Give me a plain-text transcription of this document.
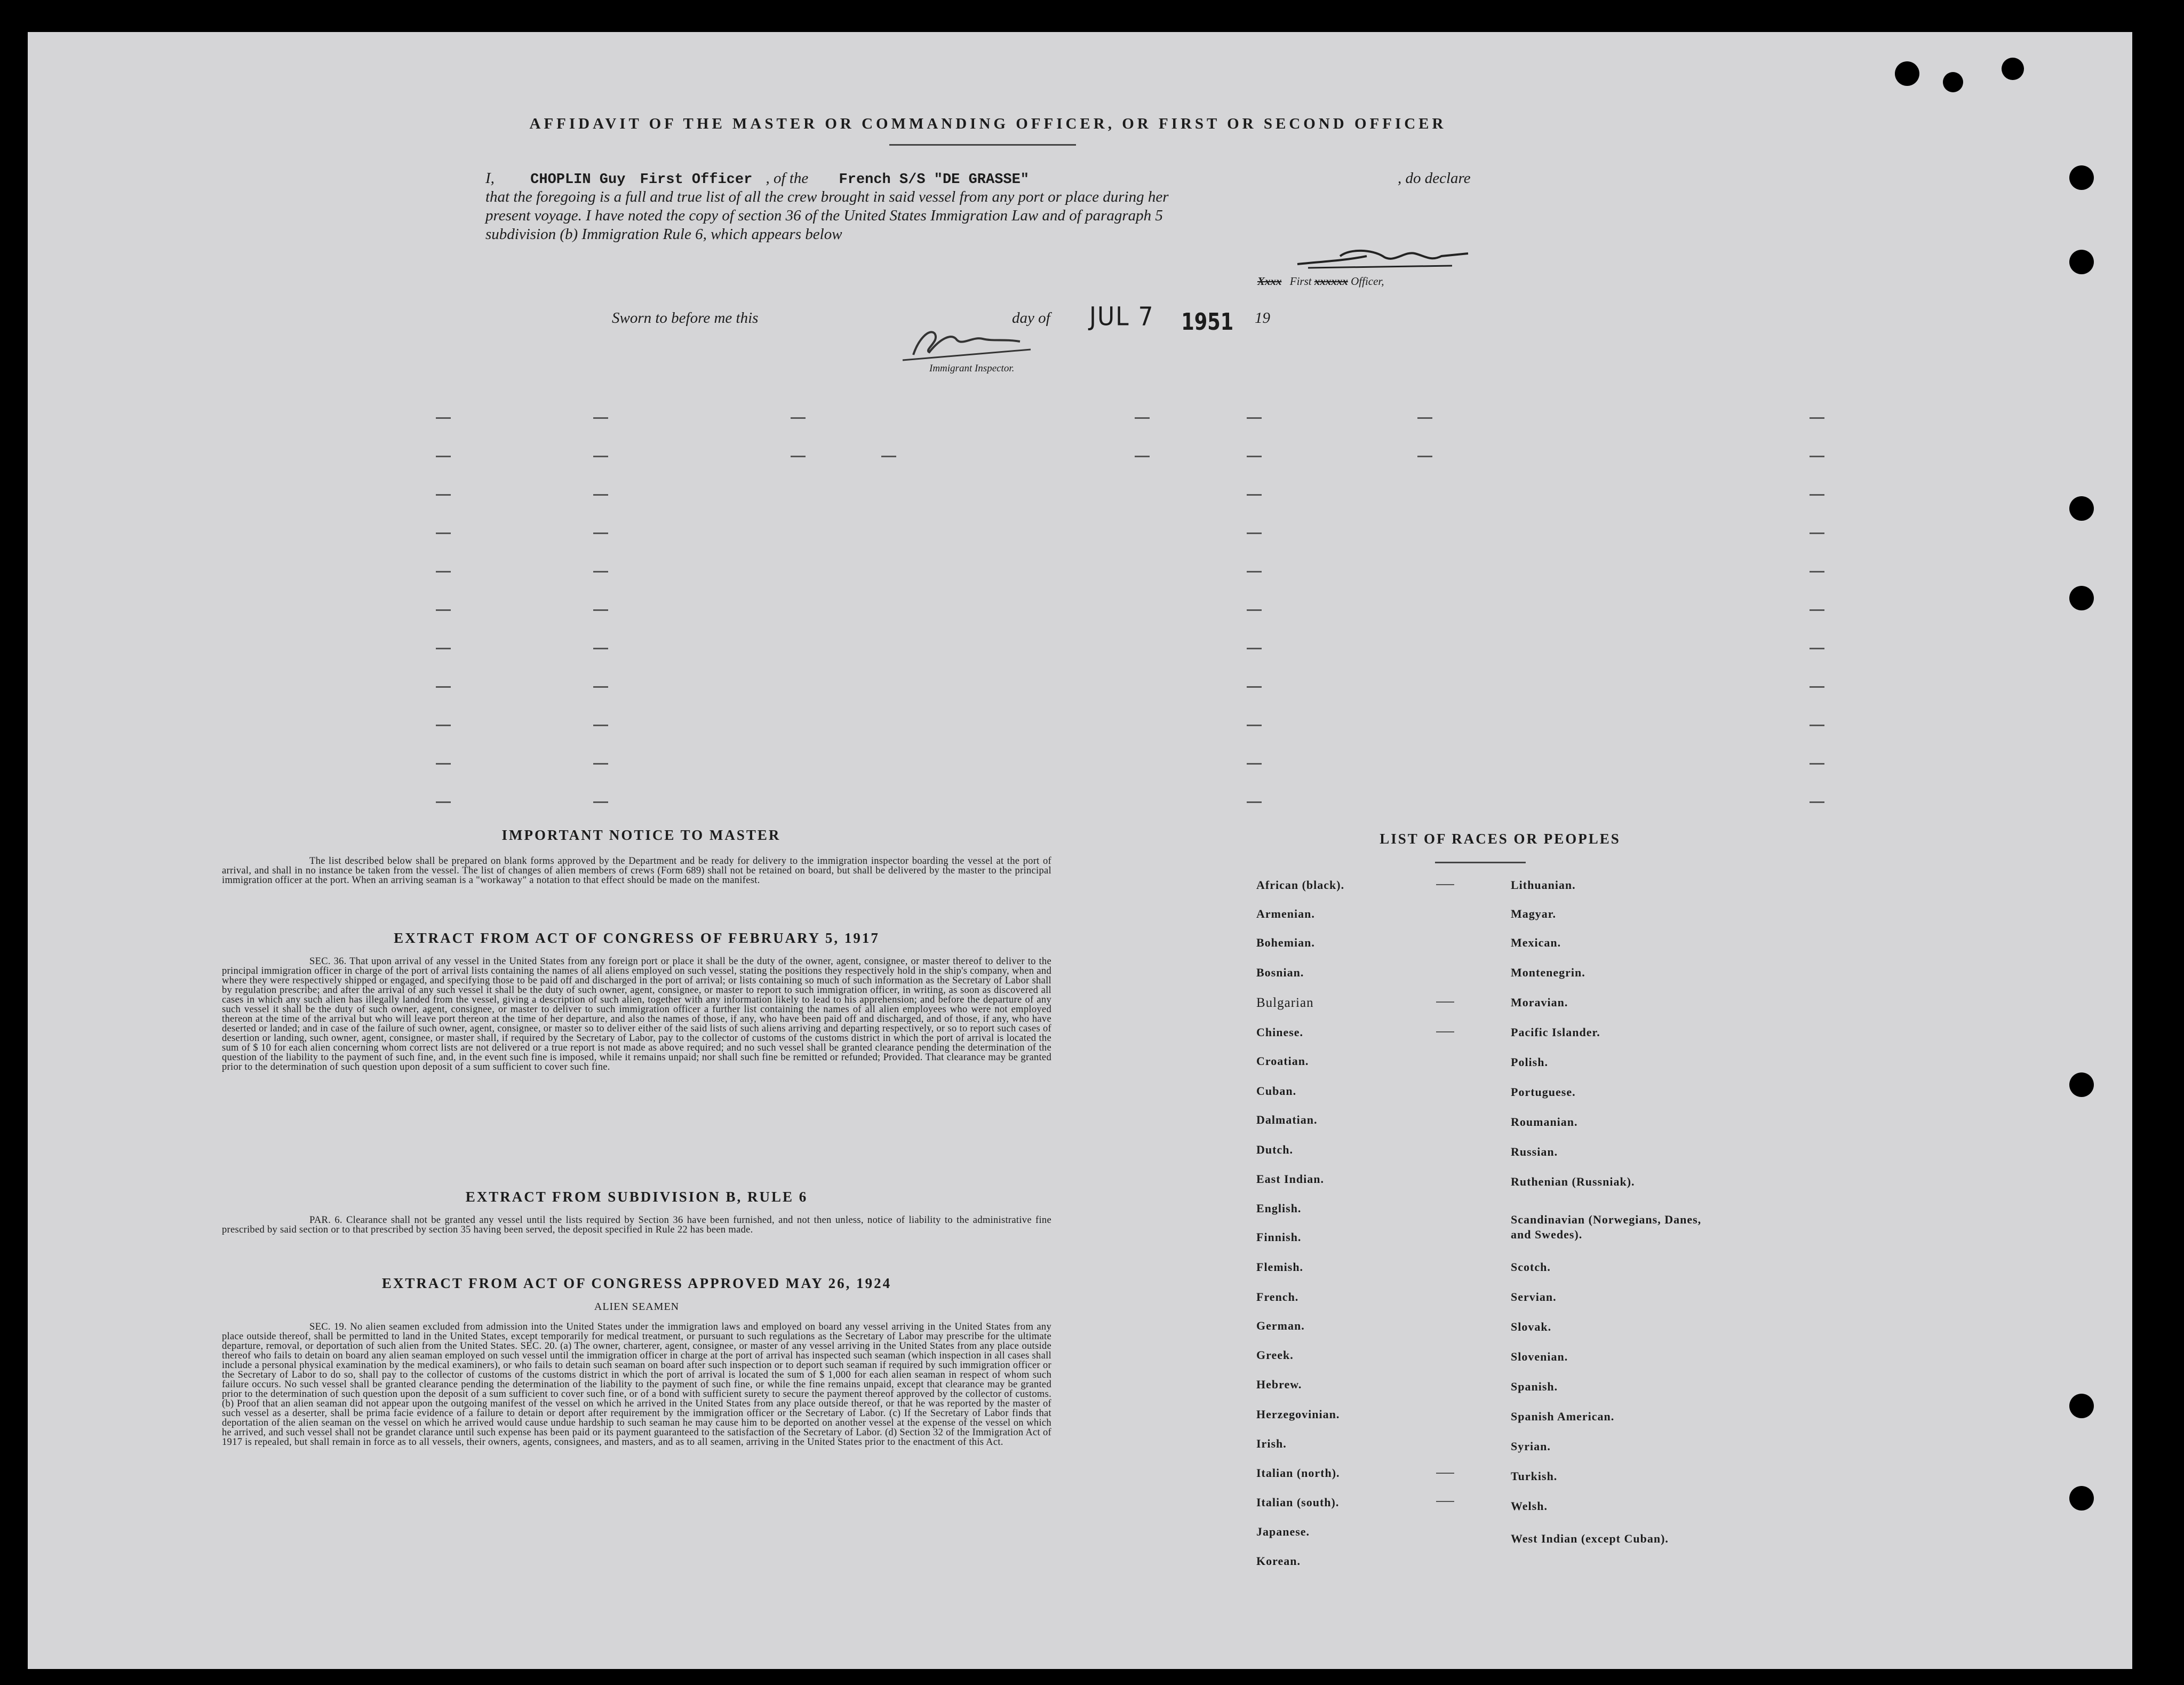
AFFIDAVIT OF THE MASTER OR COMMANDING OFFICER, OR FIRST OR SECOND OFFICER
I, CHOPLIN Guy First Officer , of the French S/S "DE GRASSE"	, do declare
that the foregoing is a full and true list of all the crew brought in said vessel from any port or place during her
present voyage. I have noted the copy of section 36 of the United States Immigration Law and of paragraph 5
subdivision (b) Immigration Rule 6, which appears below
Xxxx First xxxxxx Officer,
Sworn to before me this	day of JUL 7 1951 19
Immigrant Inspector.
IMPORTANT NOTICE TO MASTER
The list described below shall be prepared on blank forms approved by the Department and be ready for delivery to the immigration inspector boarding the vessel at the port of arrival, and shall in no instance be taken from the vessel. The list of changes of alien members of crews (Form 689) shall not be retained on board, but shall be delivered by the master to the principal immigration officer at the port. When an arriving seaman is a "workaway" a notation to that effect should be made on the manifest.
EXTRACT FROM ACT OF CONGRESS OF FEBRUARY 5, 1917
SEC. 36. That upon arrival of any vessel in the United States from any foreign port or place it shall be the duty of the owner, agent, consignee, or master thereof to deliver to the principal immigration officer in charge of the port of arrival lists containing the names of all aliens employed on such vessel, stating the positions they respectively hold in the ship's company, when and where they were respectively shipped or engaged, and specifying those to be paid off and discharged in the port of arrival; or lists containing so much of such information as the Secretary of Labor shall by regulation prescribe; and after the arrival of any such vessel it shall be the duty of such owner, agent, consignee, or master to report to such immigration officer, in writing, as soon as discovered all cases in which any such alien has illegally landed from the vessel, giving a description of such alien, together with any information likely to lead to his apprehension; and before the departure of any such vessel it shall be the duty of such owner, agent, consignee, or master to deliver to such immigration officer a further list containing the names of all alien employees who were not employed thereon at the time of the arrival but who will leave port thereon at the time of her departure, and also the names of those, if any, who have been paid off and discharged, and of those, if any, who have deserted or landed; and in case of the failure of such owner, agent, consignee, or master so to deliver either of the said lists of such aliens arriving and departing respectively, or so to report such cases of desertion or landing, such owner, agent, consignee, or master shall, if required by the Secretary of Labor, pay to the collector of customs of the customs district in which the port of arrival is located the sum of $ 10 for each alien concerning whom correct lists are not delivered or a true report is not made as above required; and no such vessel shall be granted clearance pending the determination of the question of the liability to the payment of such fine, and, in the event such fine is imposed, while it remains unpaid; nor shall such fine be remitted or refunded; Provided. That clearance may be granted prior to the determination of such question upon deposit of a sum sufficient to cover such fine.
EXTRACT FROM SUBDIVISION B, RULE 6
PAR. 6. Clearance shall not be granted any vessel until the lists required by Section 36 have been furnished, and not then unless, notice of liability to the administrative fine prescribed by said section or to that prescribed by section 35 having been served, the deposit specified in Rule 22 has been made.
EXTRACT FROM ACT OF CONGRESS APPROVED MAY 26, 1924
ALIEN SEAMEN
SEC. 19. No alien seamen excluded from admission into the United States under the immigration laws and employed on board any vessel arriving in the United States from any place outside thereof, shall be permitted to land in the United States, except temporarily for medical treatment, or pursuant to such regulations as the Secretary of Labor may prescribe for the ultimate departure, removal, or deportation of such alien from the United States. SEC. 20. (a) The owner, charterer, agent, consignee, or master of any vessel arriving in the United States from any place outside thereof who fails to detain on board any alien seaman employed on such vessel until the immigration officer in charge at the port of arrival has inspected such seaman (which inspection in all cases shall include a personal physical examination by the medical examiners), or who fails to detain such seaman on board after such inspection or to deport such seaman if required by such immigration officer or the Secretary of Labor to do so, shall pay to the collector of customs of the customs district in which the port of arrival is located the sum of $ 1,000 for each alien seaman in respect of whom such failure occurs. No such vessel shall be granted clearance pending the determination of the liability to the payment of such fine, or while the fine remains unpaid, except that clearance may be granted prior to the determination of such question upon the deposit of a sum sufficient to cover such fine, or of a bond with sufficient surety to secure the payment thereof approved by the collector of customs. (b) Proof that an alien seaman did not appear upon the outgoing manifest of the vessel on which he arrived in the United States from any place outside thereof, or that he was reported by the master of such vessel as a deserter, shall be prima facie evidence of a failure to detain or deport after requirement by the immigration officer or the Secretary of Labor. (c) If the Secretary of Labor finds that deportation of the alien seaman on the vessel on which he arrived would cause undue hardship to such seaman he may cause him to be deported on another vessel at the expense of the vessel on which he arrived, and such vessel shall not be grandet clarance until such expense has been paid or its payment guaranteed to the satisfaction of the Secretary of Labor. (d) Section 32 of the Immigration Act of 1917 is repealed, but shall remain in force as to all vessels, their owners, agents, consignees, and masters, and as to all seamen, arriving in the United States prior to the enactment of this Act.
LIST OF RACES OR PEOPLES
African (black).
Armenian.
Bohemian.
Bosnian.
Bulgarian
Chinese.
Croatian.
Cuban.
Dalmatian.
Dutch.
East Indian.
English.
Finnish.
Flemish.
French.
German.
Greek.
Hebrew.
Herzegovinian.
Irish.
Italian (north).
Italian (south).
Japanese.
Korean.
Lithuanian.
Magyar.
Mexican.
Montenegrin.
Moravian.
Pacific Islander.
Polish.
Portuguese.
Roumanian.
Russian.
Ruthenian (Russniak).
Scandinavian (Norwegians, Danes, and Swedes).
Scotch.
Servian.
Slovak.
Slovenian.
Spanish.
Spanish American.
Syrian.
Turkish.
Welsh.
West Indian (except Cuban).
